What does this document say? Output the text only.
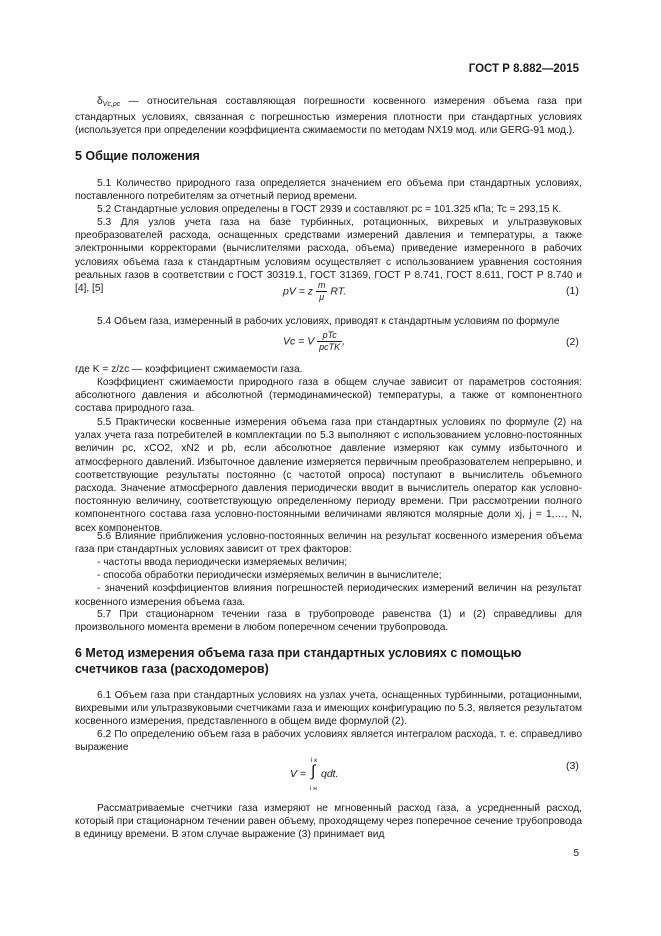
ГОСТ Р 8.882—2015
$\delta_{Vc,\rho c}$ — относительная составляющая погрешности косвенного измерения объема газа при стандартных условиях, связанная с погрешностью измерения плотности при стандартных условиях (используется при определении коэффициента сжимаемости по методам NX19 мод. или GERG-91 мод.).
5 Общие положения
5.1 Количество природного газа определяется значением его объема при стандартных условиях, поставленного потребителям за отчетный период времени.
5.2 Стандартные условия определены в ГОСТ 2939 и составляют pc = 101.325 кПа; Tc = 293,15 К.
5.3 Для узлов учета газа на базе турбинных, ротационных, вихревых и ультразвуковых преобразователей расхода, оснащенных средствами измерений давления и температуры, а также электронными корректорами (вычислителями расхода, объема) приведение измеренного в рабочих условиях объема газа к стандартным условиям осуществляет с использованием уравнения состояния реальных газов в соответствии с ГОСТ 30319.1, ГОСТ 31369, ГОСТ Р 8.741, ГОСТ 8.611, ГОСТ Р 8.740 и [4], [5]	pV = z $\frac{m}{\mu}$ RT.	(1)
5.4 Объем газа, измеренный в рабочих условиях, приводят к стандартным условиям по формуле
Vc = V $\frac{\text{pTc}}{\text{pcTK}}$ ,	(2)
где K = z/zc — коэффициент сжимаемости газа.
Коэффициент сжимаемости природного газа в общем случае зависит от параметров состояния: абсолютного давления и абсолютной (термодинамической) температуры, а также от компонентного состава природного газа.
5.5 Практически косвенные измерения объема газа при стандартных условиях по формуле (2) на узлах учета газа потребителей в комплектации по 5.3 выполняют с использованием условно-постоянных величин ρc, xCO2, xN2 и pb, если абсолютное давление измеряют как сумму избыточного и атмосферного давлений. Избыточное давление измеряется первичным преобразователем непрерывно, и соответствующие результаты постоянно (с частотой опроса) поступают в вычислитель объемного расхода. Значение атмосферного давления периодически вводит в вычислитель оператор как условно-постоянную величину, соответствующую определенному периоду времени. При рассмотрении полного компонентного состава газа условно-постоянными величинами являются молярные доли xj, j = 1,…, N, всех компонентов.
5.6 Влияние приближения условно-постоянных величин на результат косвенного измерения объема газа при стандартных условиях зависит от трех факторов:
- частоты ввода периодически измеряемых величин;
- способа обработки периодически измеряемых величин в вычислителе;
- значений коэффициентов влияния погрешностей периодических измерений величин на результат косвенного измерения объема газа.
5.7 При стационарном течении газа в трубопроводе равенства (1) и (2) справедливы для произвольного момента времени в любом поперечном сечении трубопровода.
6 Метод измерения объема газа при стандартных условиях с помощью счетчиков газа (расходомеров)
6.1 Объем газа при стандартных условиях на узлах учета, оснащенных турбинными, ротационными, вихревыми или ультразвуковыми счетчиками газа и имеющих конфигурацию по 5.3, является результатом косвенного измерения, представленного в общем виде формулой (2).
6.2 По определению объем газа в рабочих условиях является интегралом расхода, т. е. справедливо выражение
V =
i к
∫
i н
qdt.
(3)
Рассматриваемые счетчики газа измеряют не мгновенный расход газа, а усредненный расход, который при стационарном течении равен объему, проходящему через поперечное сечение трубопровода в единицу времени. В этом случае выражение (3) принимает вид
5
